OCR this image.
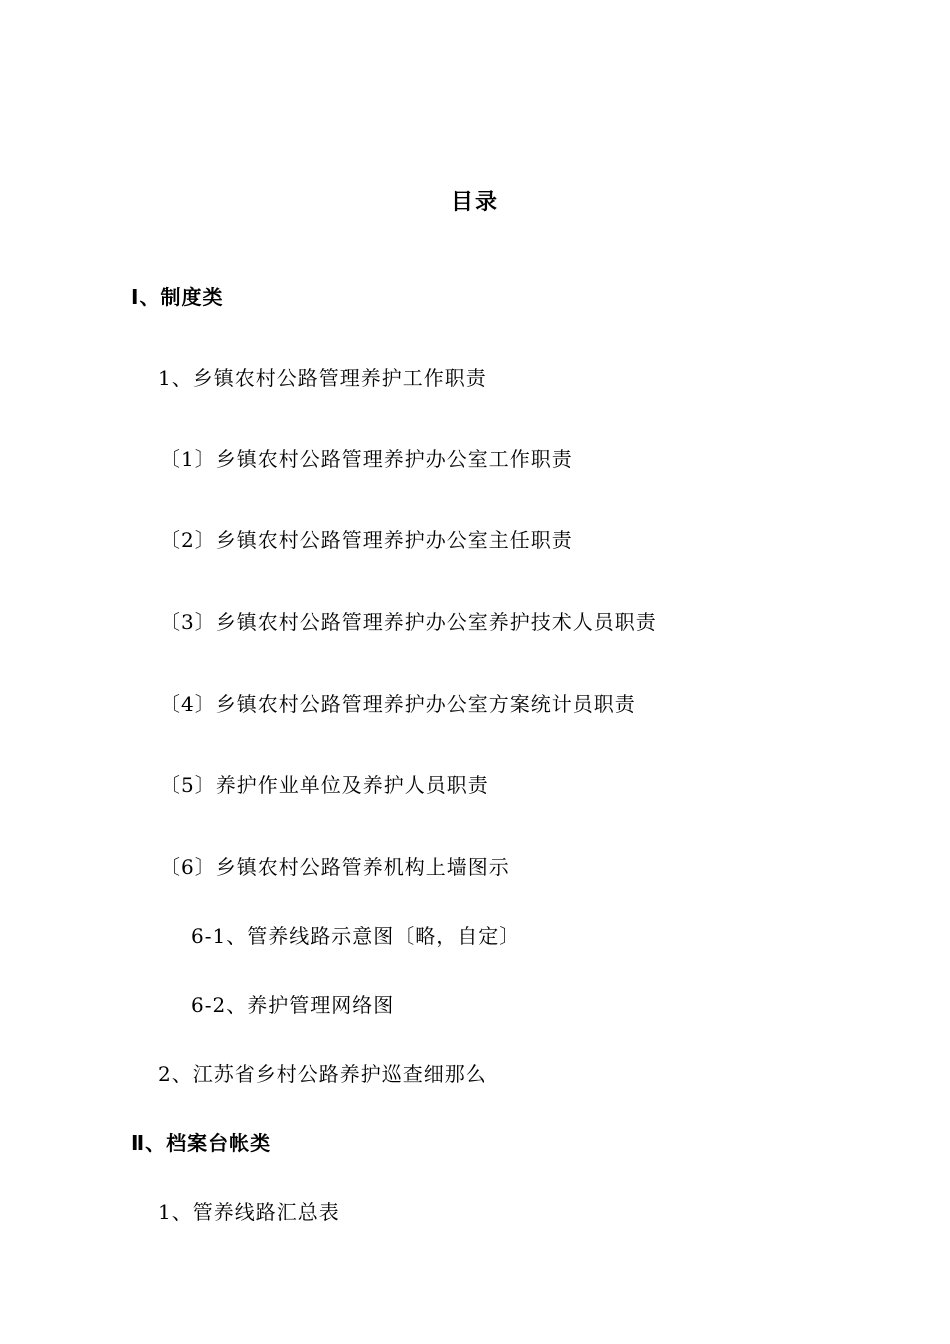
目录
Ⅰ、制度类
1、乡镇农村公路管理养护工作职责
〔1〕乡镇农村公路管理养护办公室工作职责
〔2〕乡镇农村公路管理养护办公室主任职责
〔3〕乡镇农村公路管理养护办公室养护技术人员职责
〔4〕乡镇农村公路管理养护办公室方案统计员职责
〔5〕养护作业单位及养护人员职责
〔6〕乡镇农村公路管养机构上墙图示
6-1、管养线路示意图〔略，自定〕
6-2、养护管理网络图
2、江苏省乡村公路养护巡查细那么
Ⅱ、档案台帐类
1、管养线路汇总表
